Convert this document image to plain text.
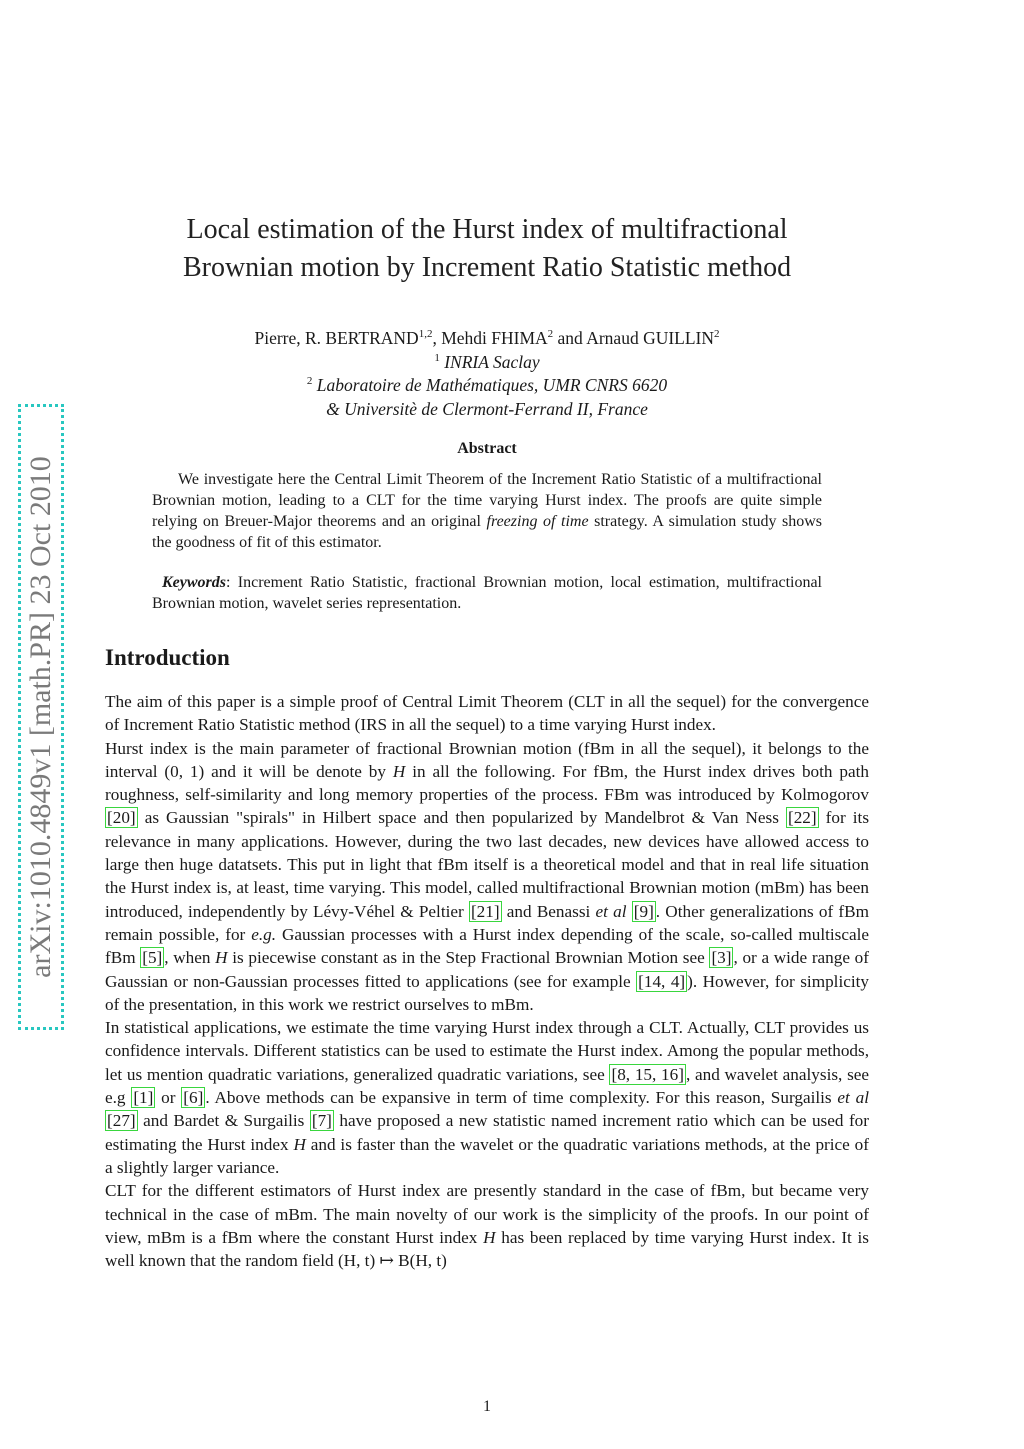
arXiv:1010.4849v1 [math.PR] 23 Oct 2010
Local estimation of the Hurst index of multifractional
Brownian motion by Increment Ratio Statistic method
Pierre, R. BERTRAND$^{1,2}$, Mehdi FHIMA$^2$ and Arnaud GUILLIN$^2$
$^1$ INRIA Saclay
$^2$ Laboratoire de Mathématiques, UMR CNRS 6620
& Universitè de Clermont-Ferrand II, France
Abstract

We investigate here the Central Limit Theorem of the Increment Ratio Statistic of a multifractional Brownian motion, leading to a CLT for the time varying Hurst index. The proofs are quite simple relying on Breuer-Major theorems and an original freezing of time strategy. A simulation study shows the goodness of fit of this estimator.

Keywords: Increment Ratio Statistic, fractional Brownian motion, local estimation, multifractional Brownian motion, wavelet series representation.
Introduction

The aim of this paper is a simple proof of Central Limit Theorem (CLT in all the sequel) for the convergence of Increment Ratio Statistic method (IRS in all the sequel) to a time varying Hurst index.

Hurst index is the main parameter of fractional Brownian motion (fBm in all the sequel), it belongs to the interval (0, 1) and it will be denote by H in all the following. For fBm, the Hurst index drives both path roughness, self-similarity and long memory properties of the process. FBm was introduced by Kolmogorov [20] as Gaussian "spirals" in Hilbert space and then popularized by Mandelbrot & Van Ness [22] for its relevance in many applications. However, during the two last decades, new devices have allowed access to large then huge datatsets. This put in light that fBm itself is a theoretical model and that in real life situation the Hurst index is, at least, time varying. This model, called multifractional Brownian motion (mBm) has been introduced, independently by Lévy-Véhel & Peltier [21] and Benassi et al [9] . Other generalizations of fBm remain possible, for e.g. Gaussian processes with a Hurst index depending of the scale, so-called multiscale fBm [5] , when H is piecewise constant as in the Step Fractional Brownian Motion see [3] , or a wide range of Gaussian or non-Gaussian processes fitted to applications (see for example [14, 4] ). However, for simplicity of the presentation, in this work we restrict ourselves to mBm.

In statistical applications, we estimate the time varying Hurst index through a CLT. Actually, CLT provides us confidence intervals. Different statistics can be used to estimate the Hurst index. Among the popular methods, let us mention quadratic variations, generalized quadratic variations, see [8, 15, 16] , and wavelet analysis, see e.g [1] or [6] . Above methods can be expansive in term of time complexity. For this reason, Surgailis et al [27] and Bardet & Surgailis [7] have proposed a new statistic named increment ratio which can be used for estimating the Hurst index H and is faster than the wavelet or the quadratic variations methods, at the price of a slightly larger variance.

CLT for the different estimators of Hurst index are presently standard in the case of fBm, but became very technical in the case of mBm. The main novelty of our work is the simplicity of the proofs. In our point of view, mBm is a fBm where the constant Hurst index H has been replaced by time varying Hurst index. It is well known that the random field (H, t) ↦ B(H, t)

1
